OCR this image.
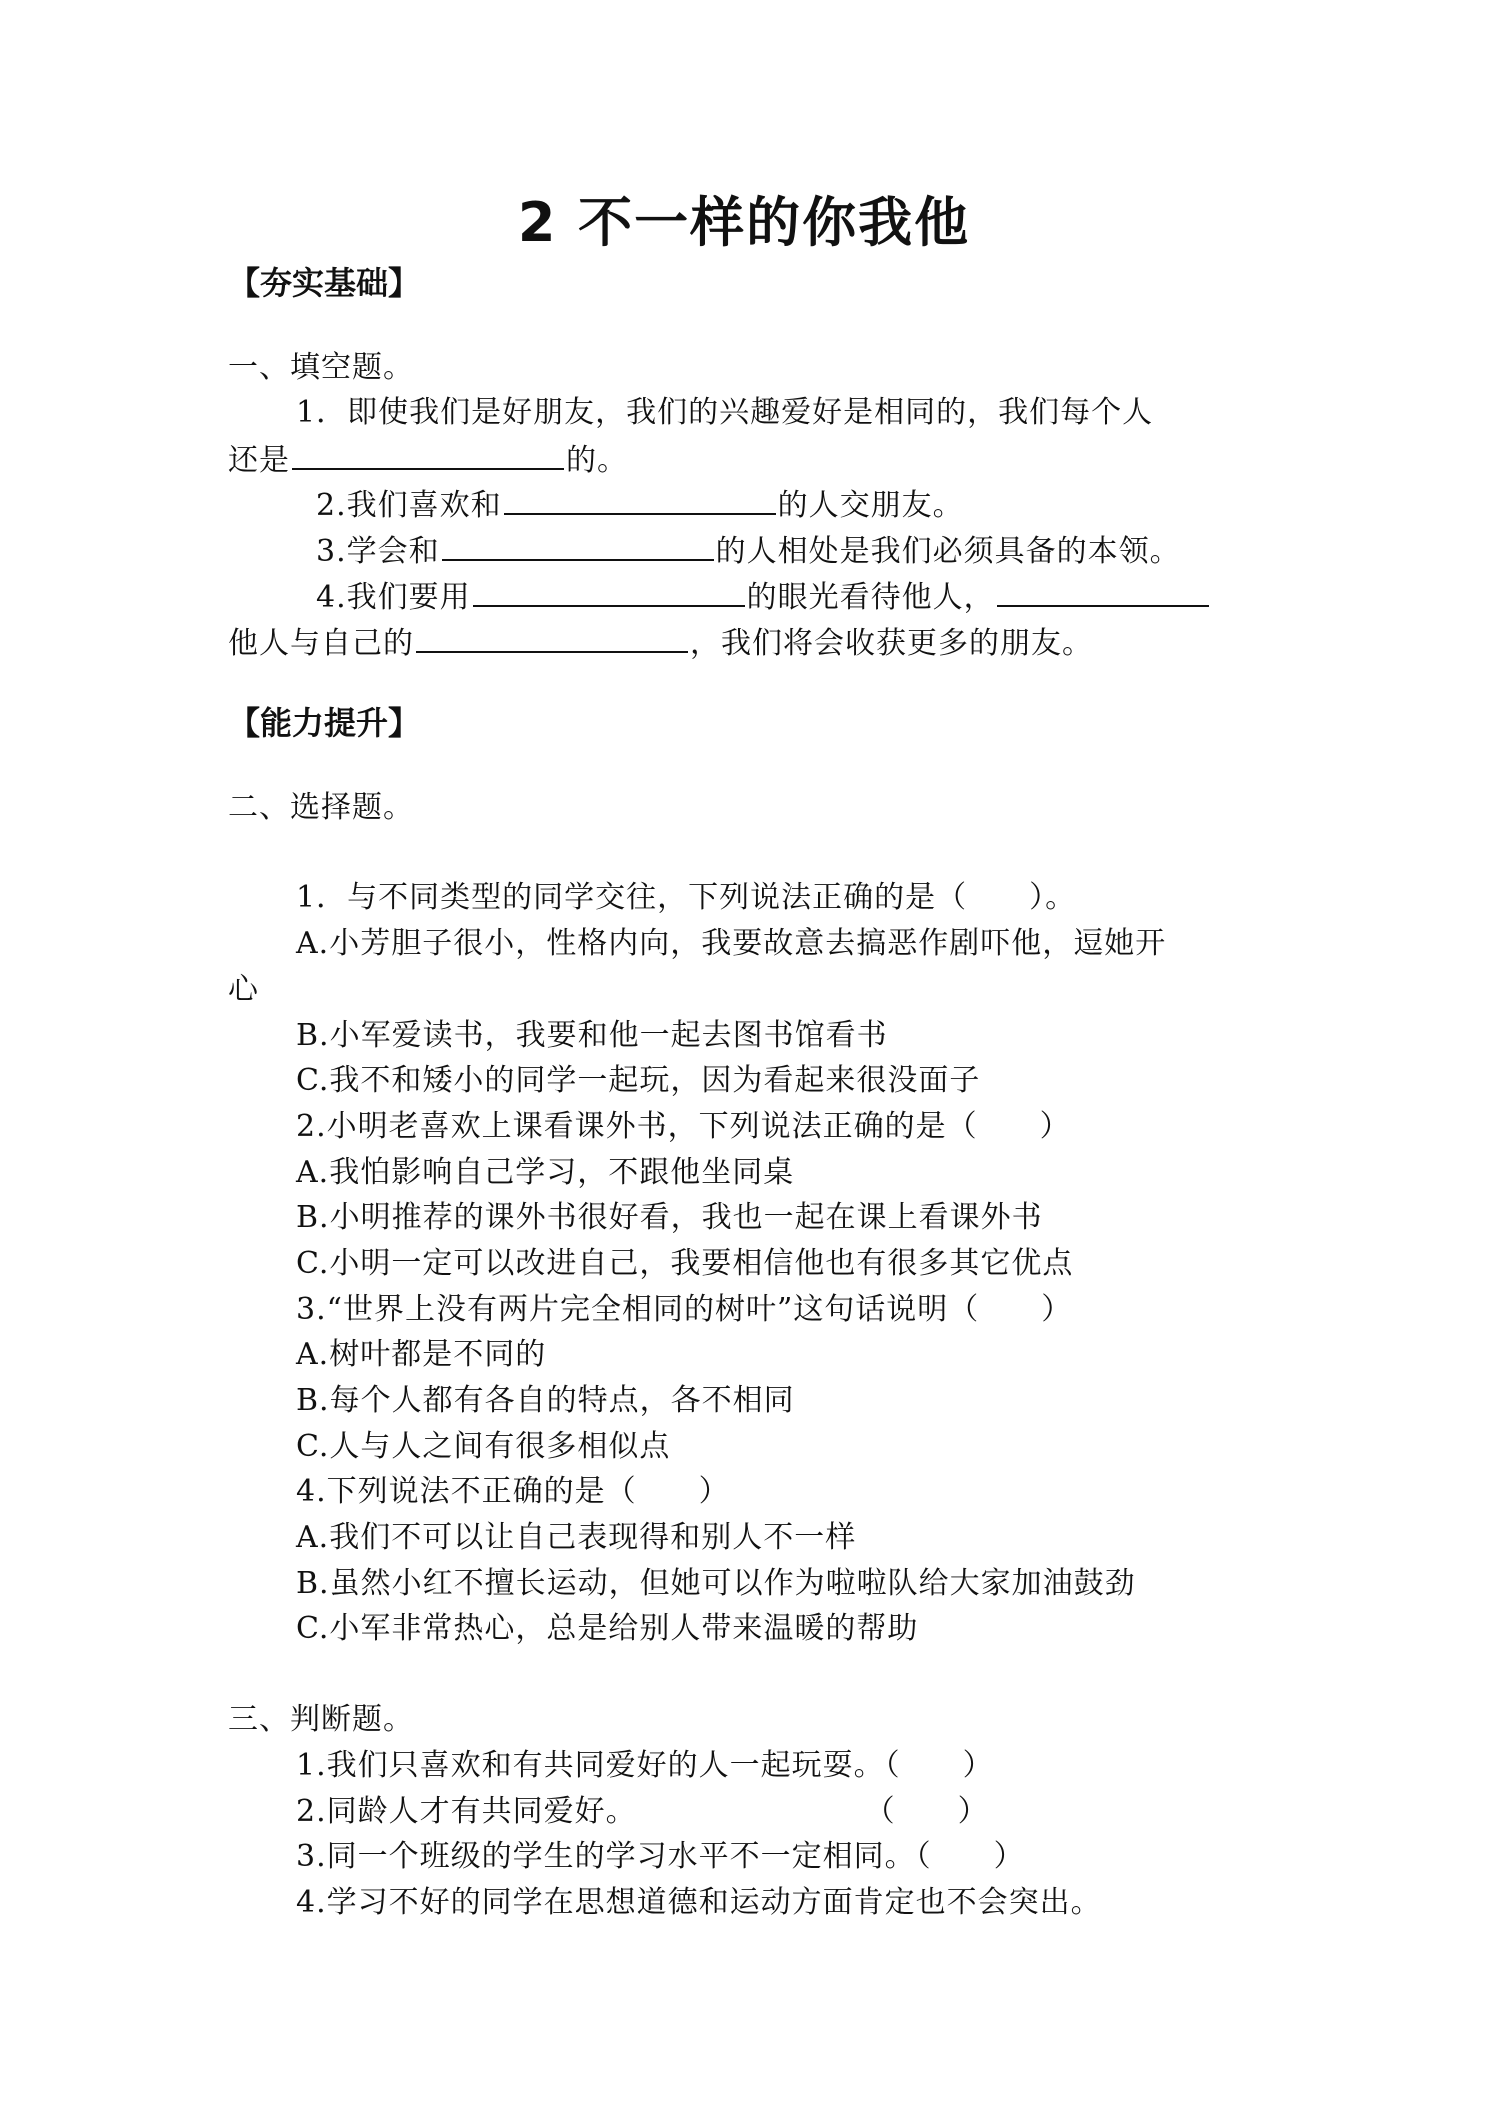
2 不一样的你我他
【夯实基础】
一、填空题。
1．即使我们是好朋友，我们的兴趣爱好是相同的，我们每个人
还是	的。
2.我们喜欢和	的人交朋友。
3.学会和	的人相处是我们必须具备的本领。
4.我们要用	的眼光看待他人，
他人与自己的	，我们将会收获更多的朋友。
【能力提升】
二、选择题。
1．与不同类型的同学交往，下列说法正确的是（　　）。
A.小芳胆子很小，性格内向，我要故意去搞恶作剧吓他，逗她开
心
B.小军爱读书，我要和他一起去图书馆看书
C.我不和矮小的同学一起玩，因为看起来很没面子
2.小明老喜欢上课看课外书，下列说法正确的是（　　）
A.我怕影响自己学习，不跟他坐同桌
B.小明推荐的课外书很好看，我也一起在课上看课外书
C.小明一定可以改进自己，我要相信他也有很多其它优点
3.“世界上没有两片完全相同的树叶”这句话说明（　　）
A.树叶都是不同的
B.每个人都有各自的特点，各不相同
C.人与人之间有很多相似点
4.下列说法不正确的是（　　）
A.我们不可以让自己表现得和别人不一样
B.虽然小红不擅长运动，但她可以作为啦啦队给大家加油鼓劲
C.小军非常热心，总是给别人带来温暖的帮助
三、判断题。
1.我们只喜欢和有共同爱好的人一起玩耍。（　　）
2.同龄人才有共同爱好。	（　　）
3.同一个班级的学生的学习水平不一定相同。（　　）
4.学习不好的同学在思想道德和运动方面肯定也不会突出。
